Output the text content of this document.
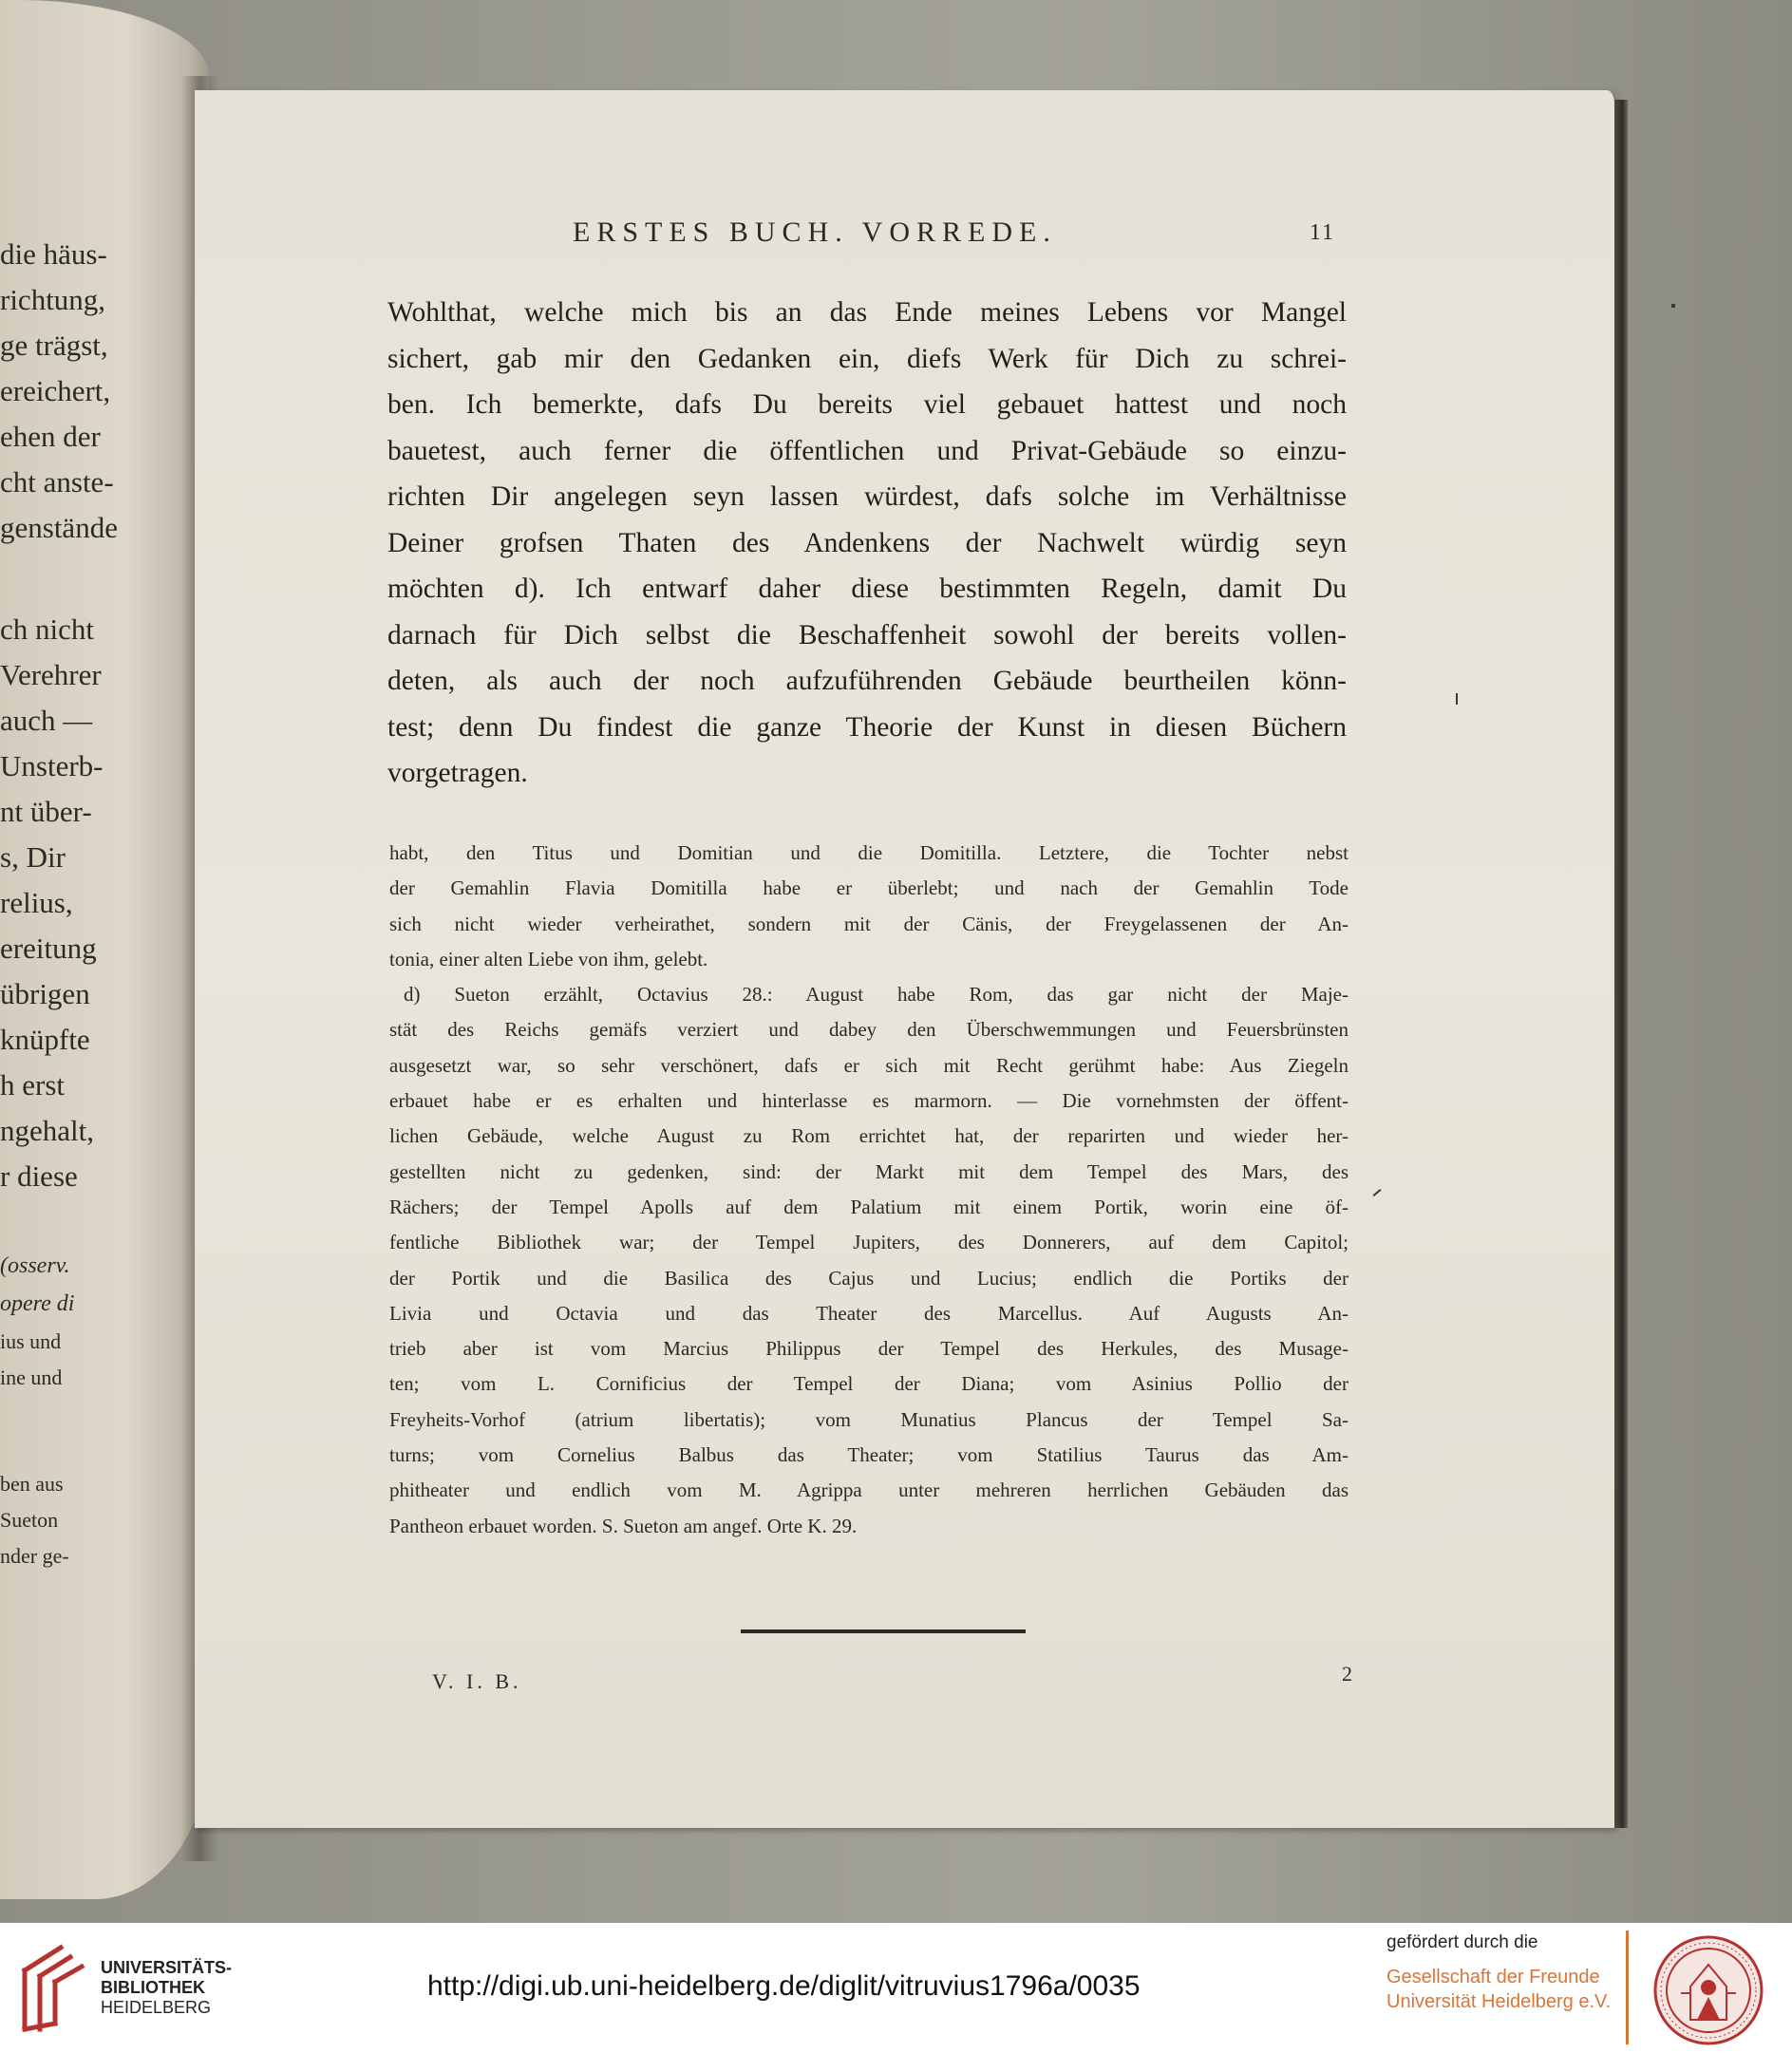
die häus-
richtung,
ge trägst,
ereichert,
ehen der
cht anste-
genstände
ch nicht
Verehrer
auch —
Unsterb-
nt über-
s, Dir
relius,
ereitung
übrigen
knüpfte
h erst
ngehalt,
r diese
(osserv.
opere di
ius und
ine und
ben aus
Sueton
nder ge-
ERSTES BUCH. VORREDE.	11
Wohlthat, welche mich bis an das Ende meines Lebens vor Mangel
sichert, gab mir den Gedanken ein, diefs Werk für Dich zu schrei-
ben. Ich bemerkte, dafs Du bereits viel gebauet hattest und noch
bauetest, auch ferner die öffentlichen und Privat-Gebäude so einzu-
richten Dir angelegen seyn lassen würdest, dafs solche im Verhältnisse
Deiner grofsen Thaten des Andenkens der Nachwelt würdig seyn
möchten d). Ich entwarf daher diese bestimmten Regeln, damit Du
darnach für Dich selbst die Beschaffenheit sowohl der bereits vollen-
deten, als auch der noch aufzuführenden Gebäude beurtheilen könn-
test; denn Du findest die ganze Theorie der Kunst in diesen Büchern
vorgetragen.
habt, den Titus und Domitian und die Domitilla. Letztere, die Tochter nebst
der Gemahlin Flavia Domitilla habe er überlebt; und nach der Gemahlin Tode
sich nicht wieder verheirathet, sondern mit der Cänis, der Freygelassenen der An-
tonia, einer alten Liebe von ihm, gelebt.
d) Sueton erzählt, Octavius 28.: August habe Rom, das gar nicht der Maje-
stät des Reichs gemäfs verziert und dabey den Überschwemmungen und Feuersbrünsten
ausgesetzt war, so sehr verschönert, dafs er sich mit Recht gerühmt habe: Aus Ziegeln
erbauet habe er es erhalten und hinterlasse es marmorn. — Die vornehmsten der öffent-
lichen Gebäude, welche August zu Rom errichtet hat, der reparirten und wieder her-
gestellten nicht zu gedenken, sind: der Markt mit dem Tempel des Mars, des
Rächers; der Tempel Apolls auf dem Palatium mit einem Portik, worin eine öf-
fentliche Bibliothek war; der Tempel Jupiters, des Donnerers, auf dem Capitol;
der Portik und die Basilica des Cajus und Lucius; endlich die Portiks der
Livia und Octavia und das Theater des Marcellus. Auf Augusts An-
trieb aber ist vom Marcius Philippus der Tempel des Herkules, des Musage-
ten; vom L. Cornificius der Tempel der Diana; vom Asinius Pollio der
Freyheits-Vorhof (atrium libertatis); vom Munatius Plancus der Tempel Sa-
turns; vom Cornelius Balbus das Theater; vom Statilius Taurus das Am-
phitheater und endlich vom M. Agrippa unter mehreren herrlichen Gebäuden das
Pantheon erbauet worden. S. Sueton am angef. Orte K. 29.
V. I. B.	2
UNIVERSITÄTS-
BIBLIOTHEK
HEIDELBERG
http://digi.ub.uni-heidelberg.de/diglit/vitruvius1796a/0035
gefördert durch die
Gesellschaft der Freunde
Universität Heidelberg e.V.
